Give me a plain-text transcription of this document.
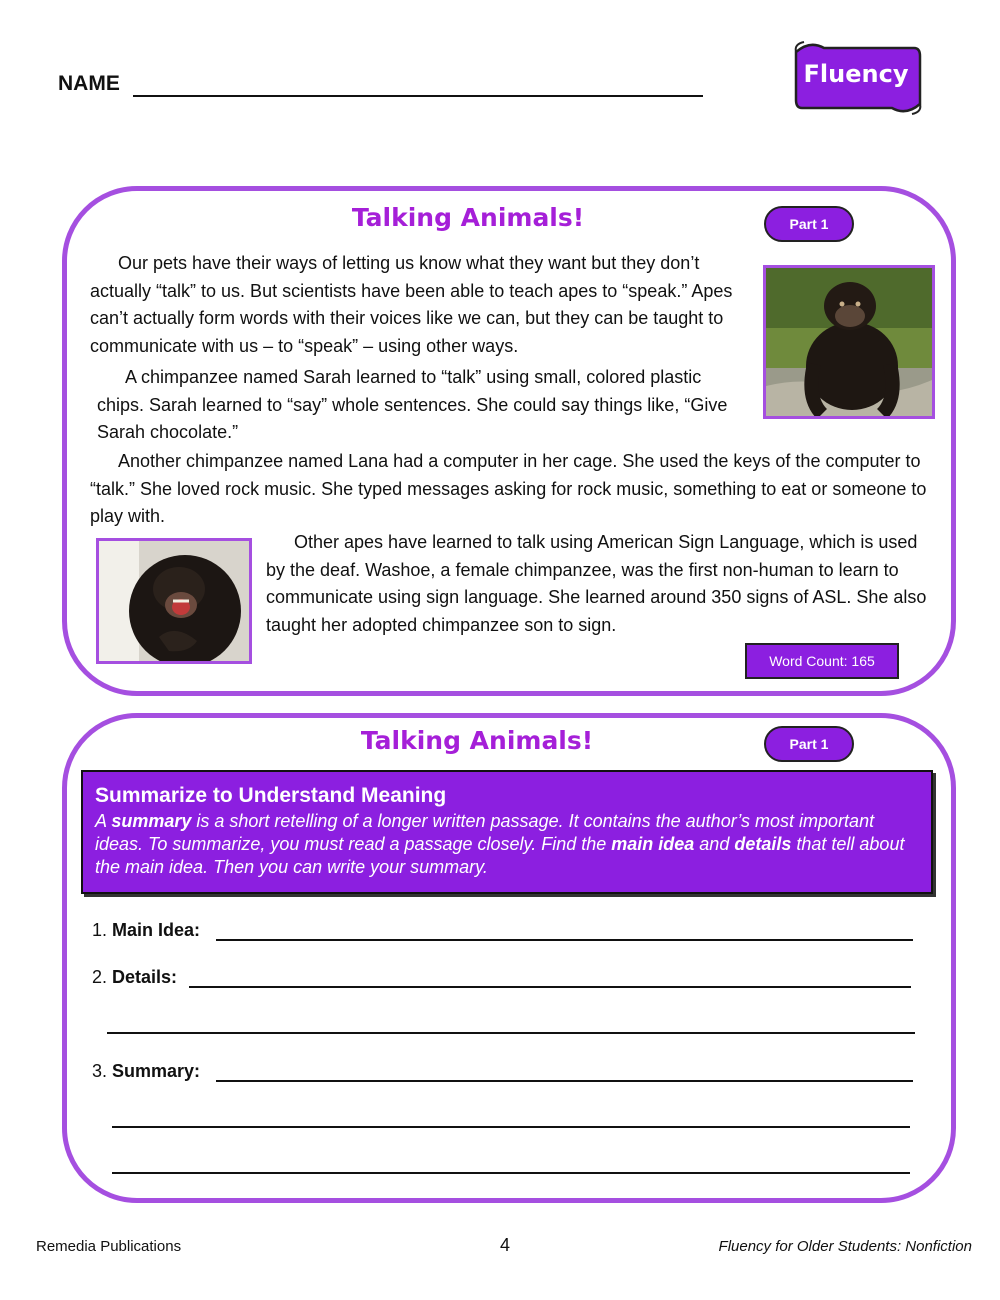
NAME	Fluency
Talking Animals!	Part 1
Our pets have their ways of letting us know what they want but they don’t actually “talk” to us. But scientists have been able to teach apes to “speak.” Apes can’t actually form words with their voices like we can, but they can be taught to communicate with us – to “speak” – using other ways.
A chimpanzee named Sarah learned to “talk” using small, colored plastic chips. Sarah learned to “say” whole sentences. She could say things like, “Give Sarah chocolate.”
Another chimpanzee named Lana had a computer in her cage. She used the keys of the computer to “talk.” She loved rock music. She typed messages asking for rock music, something to eat or someone to play with.
Other apes have learned to talk using American Sign Language, which is used by the deaf. Washoe, a female chimpanzee, was the first non-human to learn to communicate using sign language. She learned around 350 signs of ASL. She also taught her adopted chimpanzee son to sign.
Word Count: 165
Talking Animals!	Part 1
Summarize to Understand Meaning
A summary is a short retelling of a longer written passage. It contains the author’s most important ideas. To summarize, you must read a passage closely. Find the main idea and details that tell about the main idea. Then you can write your summary.
1. Main Idea:
2. Details:
3. Summary:
Remedia Publications	4	Fluency for Older Students: Nonfiction
